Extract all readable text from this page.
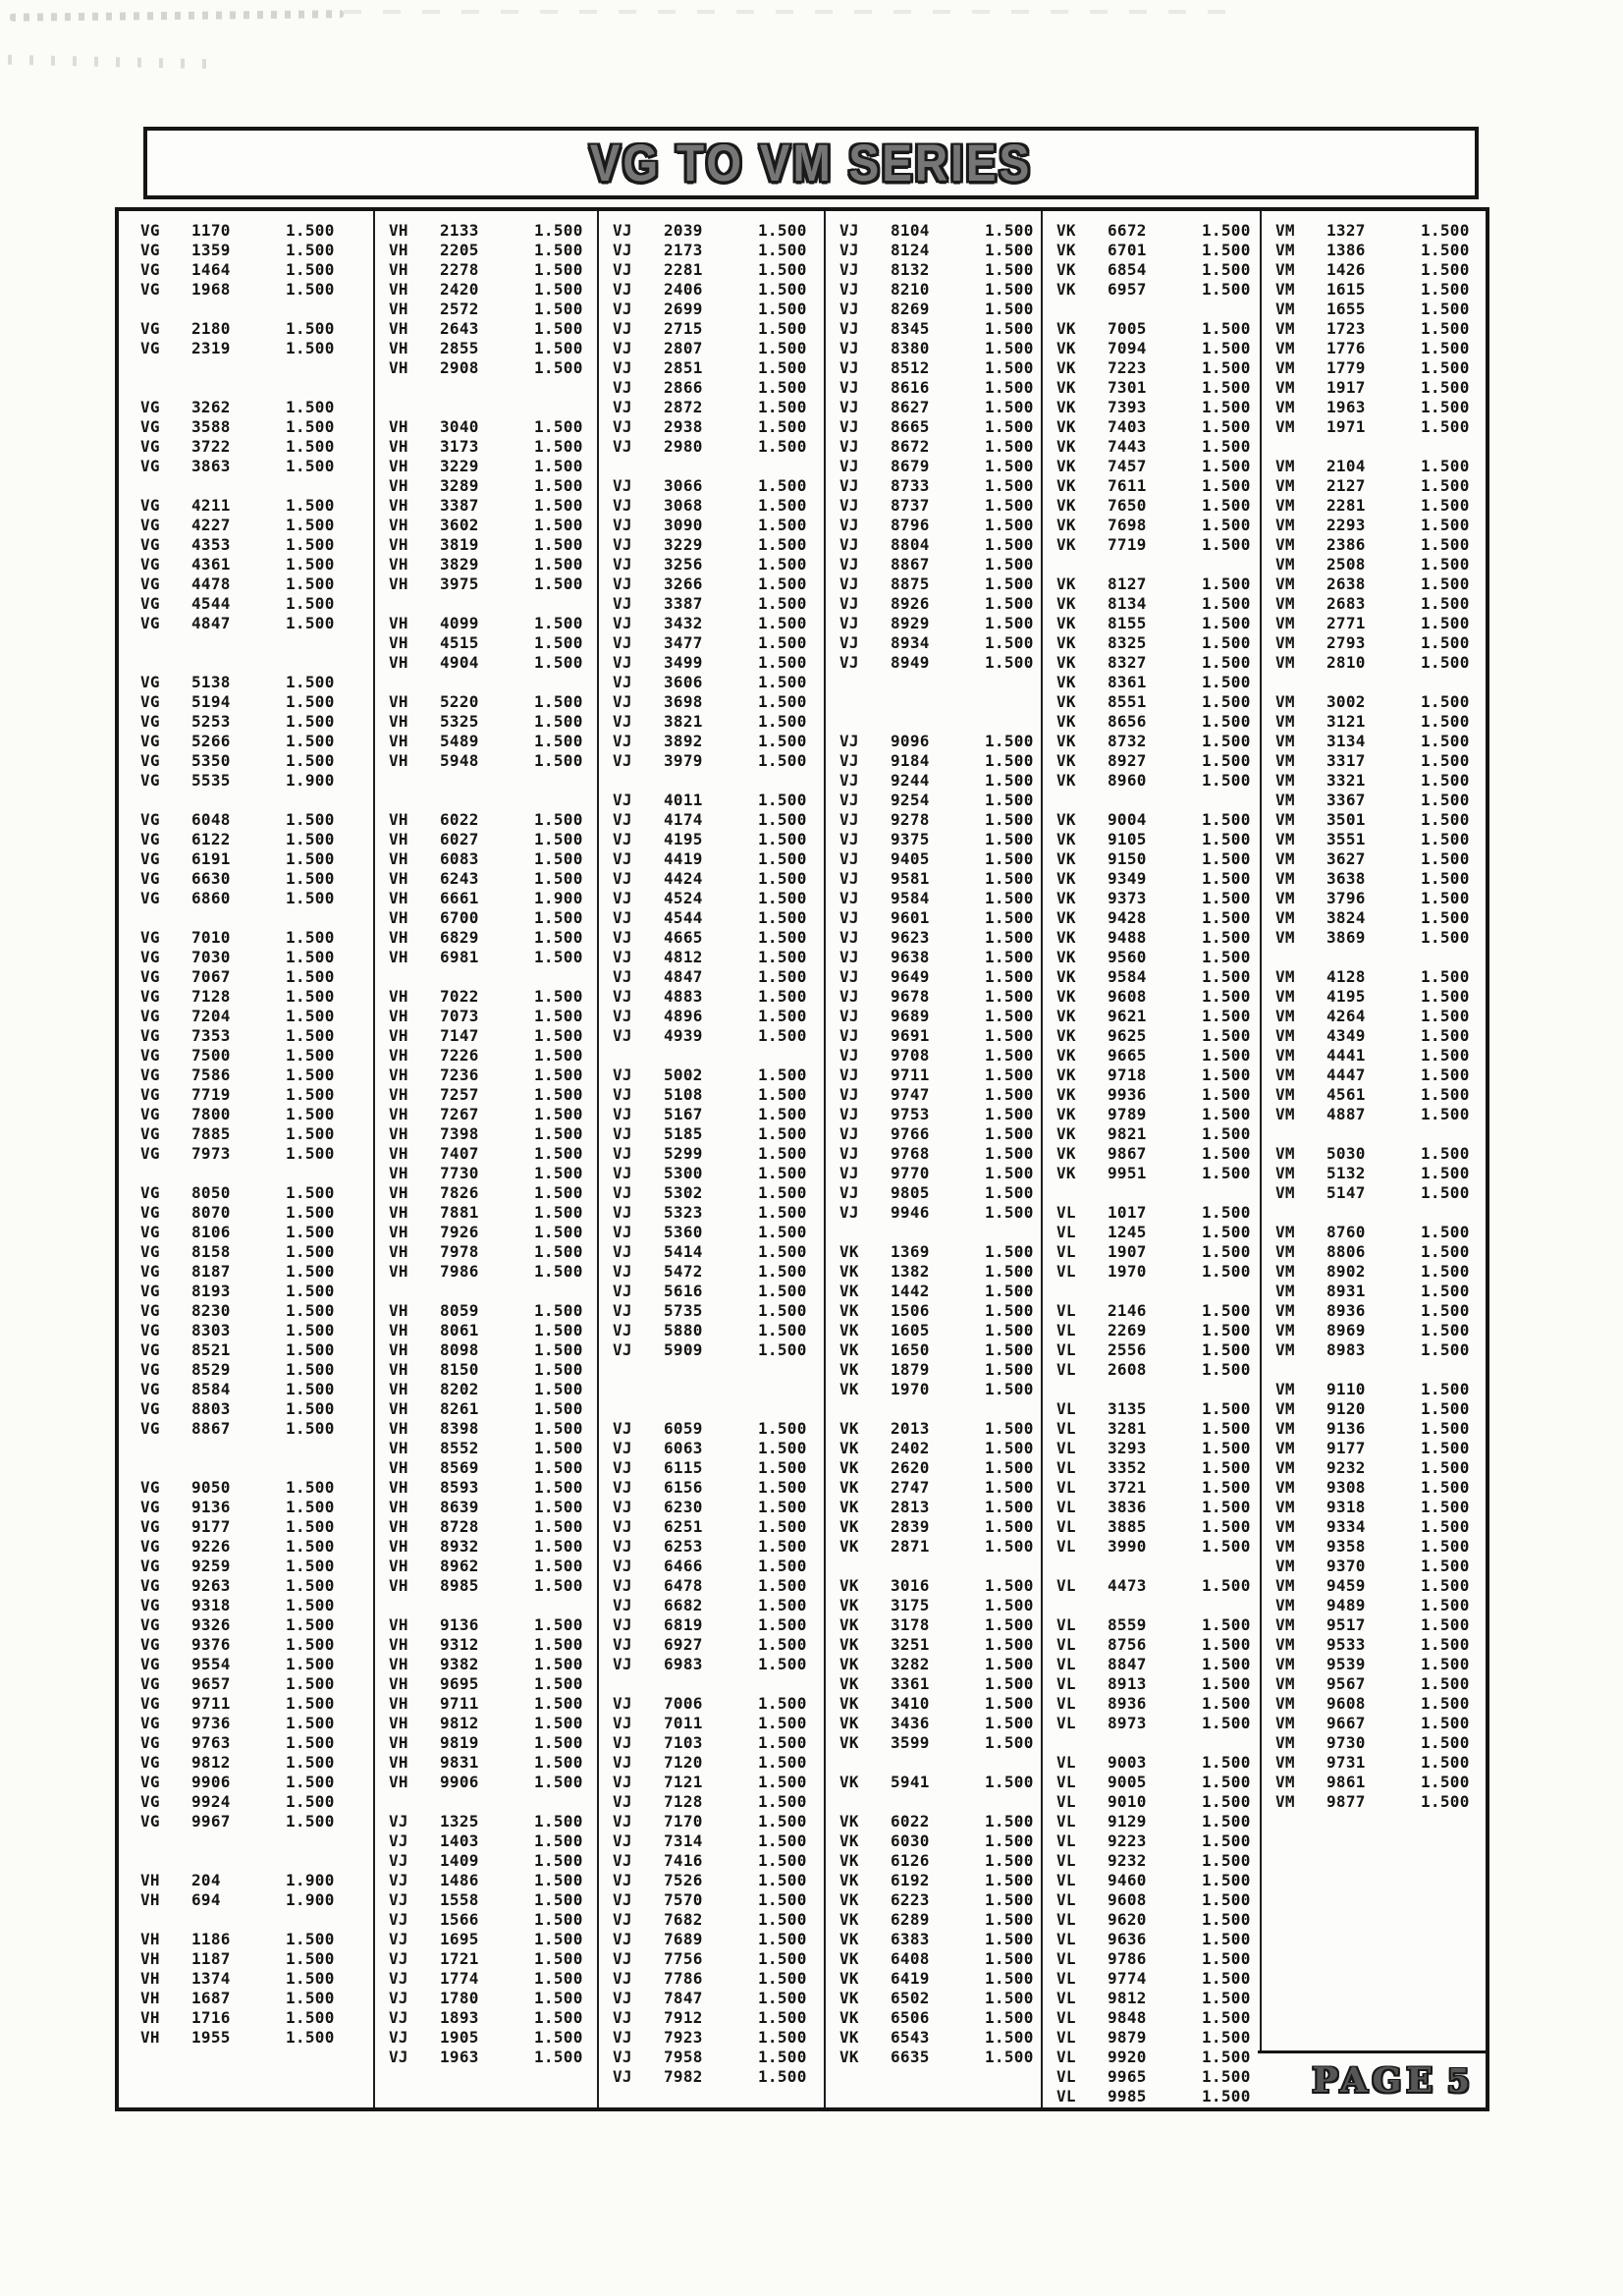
VG TO VM SERIES
VG 1170	1.500
VG 1359	1.500
VG 1464	1.500
VG 1968	1.500
VG 2180	1.500
VG 2319	1.500
VG 3262	1.500
VG 3588	1.500
VG 3722	1.500
VG 3863	1.500
VG 4211	1.500
VG 4227	1.500
VG 4353	1.500
VG 4361	1.500
VG 4478	1.500
VG 4544	1.500
VG 4847	1.500
VG 5138	1.500
VG 5194	1.500
VG 5253	1.500
VG 5266	1.500
VG 5350	1.500
VG 5535	1.900
VG 6048	1.500
VG 6122	1.500
VG 6191	1.500
VG 6630	1.500
VG 6860	1.500
VG 7010	1.500
VG 7030	1.500
VG 7067	1.500
VG 7128	1.500
VG 7204	1.500
VG 7353	1.500
VG 7500	1.500
VG 7586	1.500
VG 7719	1.500
VG 7800	1.500
VG 7885	1.500
VG 7973	1.500
VG 8050	1.500
VG 8070	1.500
VG 8106	1.500
VG 8158	1.500
VG 8187	1.500
VG 8193	1.500
VG 8230	1.500
VG 8303	1.500
VG 8521	1.500
VG 8529	1.500
VG 8584	1.500
VG 8803	1.500
VG 8867	1.500
VG 9050	1.500
VG 9136	1.500
VG 9177	1.500
VG 9226	1.500
VG 9259	1.500
VG 9263	1.500
VG 9318	1.500
VG 9326	1.500
VG 9376	1.500
VG 9554	1.500
VG 9657	1.500
VG 9711	1.500
VG 9736	1.500
VG 9763	1.500
VG 9812	1.500
VG 9906	1.500
VG 9924	1.500
VG 9967	1.500
VH 204	1.900
VH 694	1.900
VH 1186	1.500
VH 1187	1.500
VH 1374	1.500
VH 1687	1.500
VH 1716	1.500
VH 1955	1.500
VH 2133	1.500
VH 2205	1.500
VH 2278	1.500
VH 2420	1.500
VH 2572	1.500
VH 2643	1.500
VH 2855	1.500
VH 2908	1.500
VH 3040	1.500
VH 3173	1.500
VH 3229	1.500
VH 3289	1.500
VH 3387	1.500
VH 3602	1.500
VH 3819	1.500
VH 3829	1.500
VH 3975	1.500
VH 4099	1.500
VH 4515	1.500
VH 4904	1.500
VH 5220	1.500
VH 5325	1.500
VH 5489	1.500
VH 5948	1.500
VH 6022	1.500
VH 6027	1.500
VH 6083	1.500
VH 6243	1.500
VH 6661	1.900
VH 6700	1.500
VH 6829	1.500
VH 6981	1.500
VH 7022	1.500
VH 7073	1.500
VH 7147	1.500
VH 7226	1.500
VH 7236	1.500
VH 7257	1.500
VH 7267	1.500
VH 7398	1.500
VH 7407	1.500
VH 7730	1.500
VH 7826	1.500
VH 7881	1.500
VH 7926	1.500
VH 7978	1.500
VH 7986	1.500
VH 8059	1.500
VH 8061	1.500
VH 8098	1.500
VH 8150	1.500
VH 8202	1.500
VH 8261	1.500
VH 8398	1.500
VH 8552	1.500
VH 8569	1.500
VH 8593	1.500
VH 8639	1.500
VH 8728	1.500
VH 8932	1.500
VH 8962	1.500
VH 8985	1.500
VH 9136	1.500
VH 9312	1.500
VH 9382	1.500
VH 9695	1.500
VH 9711	1.500
VH 9812	1.500
VH 9819	1.500
VH 9831	1.500
VH 9906	1.500
VJ 1325	1.500
VJ 1403	1.500
VJ 1409	1.500
VJ 1486	1.500
VJ 1558	1.500
VJ 1566	1.500
VJ 1695	1.500
VJ 1721	1.500
VJ 1774	1.500
VJ 1780	1.500
VJ 1893	1.500
VJ 1905	1.500
VJ 1963	1.500
VJ 2039	1.500
VJ 2173	1.500
VJ 2281	1.500
VJ 2406	1.500
VJ 2699	1.500
VJ 2715	1.500
VJ 2807	1.500
VJ 2851	1.500
VJ 2866	1.500
VJ 2872	1.500
VJ 2938	1.500
VJ 2980	1.500
VJ 3066	1.500
VJ 3068	1.500
VJ 3090	1.500
VJ 3229	1.500
VJ 3256	1.500
VJ 3266	1.500
VJ 3387	1.500
VJ 3432	1.500
VJ 3477	1.500
VJ 3499	1.500
VJ 3606	1.500
VJ 3698	1.500
VJ 3821	1.500
VJ 3892	1.500
VJ 3979	1.500
VJ 4011	1.500
VJ 4174	1.500
VJ 4195	1.500
VJ 4419	1.500
VJ 4424	1.500
VJ 4524	1.500
VJ 4544	1.500
VJ 4665	1.500
VJ 4812	1.500
VJ 4847	1.500
VJ 4883	1.500
VJ 4896	1.500
VJ 4939	1.500
VJ 5002	1.500
VJ 5108	1.500
VJ 5167	1.500
VJ 5185	1.500
VJ 5299	1.500
VJ 5300	1.500
VJ 5302	1.500
VJ 5323	1.500
VJ 5360	1.500
VJ 5414	1.500
VJ 5472	1.500
VJ 5616	1.500
VJ 5735	1.500
VJ 5880	1.500
VJ 5909	1.500
VJ 6059	1.500
VJ 6063	1.500
VJ 6115	1.500
VJ 6156	1.500
VJ 6230	1.500
VJ 6251	1.500
VJ 6253	1.500
VJ 6466	1.500
VJ 6478	1.500
VJ 6682	1.500
VJ 6819	1.500
VJ 6927	1.500
VJ 6983	1.500
VJ 7006	1.500
VJ 7011	1.500
VJ 7103	1.500
VJ 7120	1.500
VJ 7121	1.500
VJ 7128	1.500
VJ 7170	1.500
VJ 7314	1.500
VJ 7416	1.500
VJ 7526	1.500
VJ 7570	1.500
VJ 7682	1.500
VJ 7689	1.500
VJ 7756	1.500
VJ 7786	1.500
VJ 7847	1.500
VJ 7912	1.500
VJ 7923	1.500
VJ 7958	1.500
VJ 7982	1.500
VJ 8104	1.500
VJ 8124	1.500
VJ 8132	1.500
VJ 8210	1.500
VJ 8269	1.500
VJ 8345	1.500
VJ 8380	1.500
VJ 8512	1.500
VJ 8616	1.500
VJ 8627	1.500
VJ 8665	1.500
VJ 8672	1.500
VJ 8679	1.500
VJ 8733	1.500
VJ 8737	1.500
VJ 8796	1.500
VJ 8804	1.500
VJ 8867	1.500
VJ 8875	1.500
VJ 8926	1.500
VJ 8929	1.500
VJ 8934	1.500
VJ 8949	1.500
VJ 9096	1.500
VJ 9184	1.500
VJ 9244	1.500
VJ 9254	1.500
VJ 9278	1.500
VJ 9375	1.500
VJ 9405	1.500
VJ 9581	1.500
VJ 9584	1.500
VJ 9601	1.500
VJ 9623	1.500
VJ 9638	1.500
VJ 9649	1.500
VJ 9678	1.500
VJ 9689	1.500
VJ 9691	1.500
VJ 9708	1.500
VJ 9711	1.500
VJ 9747	1.500
VJ 9753	1.500
VJ 9766	1.500
VJ 9768	1.500
VJ 9770	1.500
VJ 9805	1.500
VJ 9946	1.500
VK 1369	1.500
VK 1382	1.500
VK 1442	1.500
VK 1506	1.500
VK 1605	1.500
VK 1650	1.500
VK 1879	1.500
VK 1970	1.500
VK 2013	1.500
VK 2402	1.500
VK 2620	1.500
VK 2747	1.500
VK 2813	1.500
VK 2839	1.500
VK 2871	1.500
VK 3016	1.500
VK 3175	1.500
VK 3178	1.500
VK 3251	1.500
VK 3282	1.500
VK 3361	1.500
VK 3410	1.500
VK 3436	1.500
VK 3599	1.500
VK 5941	1.500
VK 6022	1.500
VK 6030	1.500
VK 6126	1.500
VK 6192	1.500
VK 6223	1.500
VK 6289	1.500
VK 6383	1.500
VK 6408	1.500
VK 6419	1.500
VK 6502	1.500
VK 6506	1.500
VK 6543	1.500
VK 6635	1.500
VK 6672	1.500
VK 6701	1.500
VK 6854	1.500
VK 6957	1.500
VK 7005	1.500
VK 7094	1.500
VK 7223	1.500
VK 7301	1.500
VK 7393	1.500
VK 7403	1.500
VK 7443	1.500
VK 7457	1.500
VK 7611	1.500
VK 7650	1.500
VK 7698	1.500
VK 7719	1.500
VK 8127	1.500
VK 8134	1.500
VK 8155	1.500
VK 8325	1.500
VK 8327	1.500
VK 8361	1.500
VK 8551	1.500
VK 8656	1.500
VK 8732	1.500
VK 8927	1.500
VK 8960	1.500
VK 9004	1.500
VK 9105	1.500
VK 9150	1.500
VK 9349	1.500
VK 9373	1.500
VK 9428	1.500
VK 9488	1.500
VK 9560	1.500
VK 9584	1.500
VK 9608	1.500
VK 9621	1.500
VK 9625	1.500
VK 9665	1.500
VK 9718	1.500
VK 9936	1.500
VK 9789	1.500
VK 9821	1.500
VK 9867	1.500
VK 9951	1.500
VL 1017	1.500
VL 1245	1.500
VL 1907	1.500
VL 1970	1.500
VL 2146	1.500
VL 2269	1.500
VL 2556	1.500
VL 2608	1.500
VL 3135	1.500
VL 3281	1.500
VL 3293	1.500
VL 3352	1.500
VL 3721	1.500
VL 3836	1.500
VL 3885	1.500
VL 3990	1.500
VL 4473	1.500
VL 8559	1.500
VL 8756	1.500
VL 8847	1.500
VL 8913	1.500
VL 8936	1.500
VL 8973	1.500
VL 9003	1.500
VL 9005	1.500
VL 9010	1.500
VL 9129	1.500
VL 9223	1.500
VL 9232	1.500
VL 9460	1.500
VL 9608	1.500
VL 9620	1.500
VL 9636	1.500
VL 9786	1.500
VL 9774	1.500
VL 9812	1.500
VL 9848	1.500
VL 9879	1.500
VL 9920	1.500
VL 9965	1.500
VL 9985	1.500
VM 1327	1.500
VM 1386	1.500
VM 1426	1.500
VM 1615	1.500
VM 1655	1.500
VM 1723	1.500
VM 1776	1.500
VM 1779	1.500
VM 1917	1.500
VM 1963	1.500
VM 1971	1.500
VM 2104	1.500
VM 2127	1.500
VM 2281	1.500
VM 2293	1.500
VM 2386	1.500
VM 2508	1.500
VM 2638	1.500
VM 2683	1.500
VM 2771	1.500
VM 2793	1.500
VM 2810	1.500
VM 3002	1.500
VM 3121	1.500
VM 3134	1.500
VM 3317	1.500
VM 3321	1.500
VM 3367	1.500
VM 3501	1.500
VM 3551	1.500
VM 3627	1.500
VM 3638	1.500
VM 3796	1.500
VM 3824	1.500
VM 3869	1.500
VM 4128	1.500
VM 4195	1.500
VM 4264	1.500
VM 4349	1.500
VM 4441	1.500
VM 4447	1.500
VM 4561	1.500
VM 4887	1.500
VM 5030	1.500
VM 5132	1.500
VM 5147	1.500
VM 8760	1.500
VM 8806	1.500
VM 8902	1.500
VM 8931	1.500
VM 8936	1.500
VM 8969	1.500
VM 8983	1.500
VM 9110	1.500
VM 9120	1.500
VM 9136	1.500
VM 9177	1.500
VM 9232	1.500
VM 9308	1.500
VM 9318	1.500
VM 9334	1.500
VM 9358	1.500
VM 9370	1.500
VM 9459	1.500
VM 9489	1.500
VM 9517	1.500
VM 9533	1.500
VM 9539	1.500
VM 9567	1.500
VM 9608	1.500
VM 9667	1.500
VM 9730	1.500
VM 9731	1.500
VM 9861	1.500
VM 9877	1.500
PAGE 5
